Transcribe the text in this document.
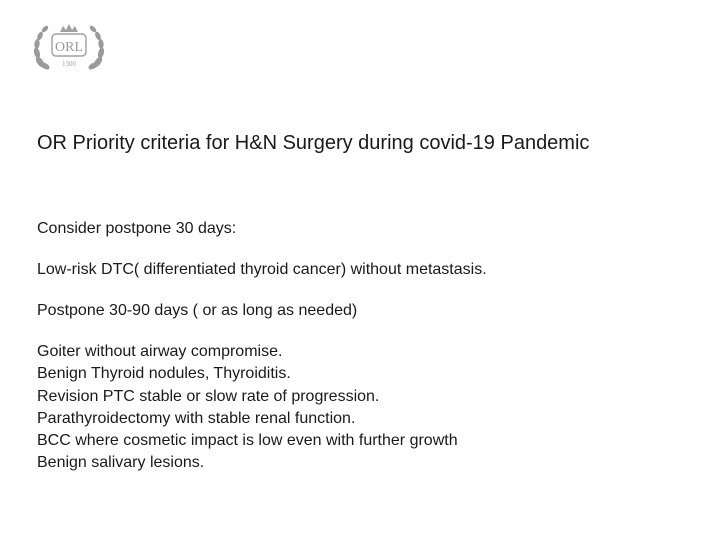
ORL
1300
OR Priority criteria for H&N Surgery during covid-19 Pandemic

Consider postpone 30 days:

Low-risk DTC( differentiated thyroid cancer) without metastasis.

Postpone 30-90 days ( or as long as needed)

Goiter without airway compromise.
Benign Thyroid nodules, Thyroiditis.
Revision PTC stable or slow rate of progression.
Parathyroidectomy with stable renal function.
BCC where cosmetic impact is low even with further growth
Benign salivary lesions.
